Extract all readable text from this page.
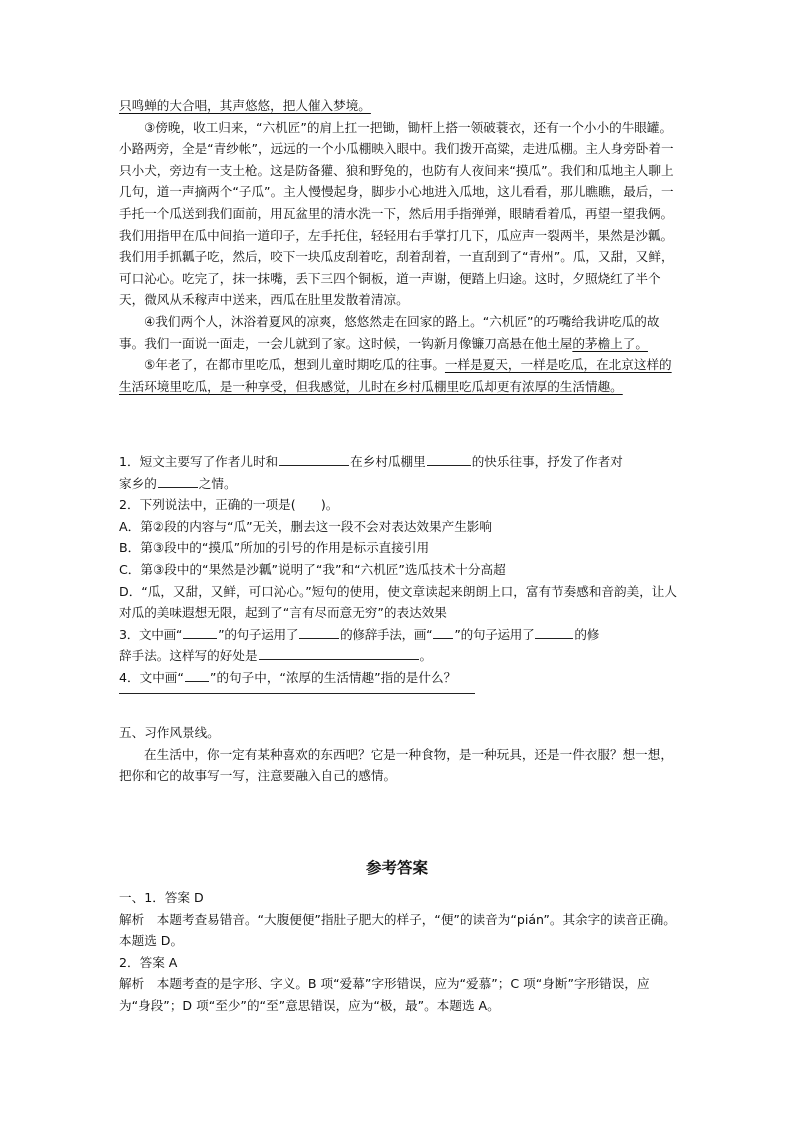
只鸣蝉的大合唱，其声悠悠，把人催入梦境。

③傍晚，收工归来，“六机匠”的肩上扛一把锄，锄杆上搭一领破蓑衣，还有一个小小的牛眼罐。小路两旁，全是“青纱帐”，远远的一个小瓜棚映入眼中。我们拨开高粱，走进瓜棚。主人身旁卧着一只小犬，旁边有一支土枪。这是防备獾、狼和野兔的，也防有人夜间来“摸瓜”。我们和瓜地主人聊上几句，道一声摘两个“子瓜”。主人慢慢起身，脚步小心地进入瓜地，这儿看看，那儿瞧瞧，最后，一手托一个瓜送到我们面前，用瓦盆里的清水洗一下，然后用手指弹弹，眼睛看着瓜，再望一望我俩。我们用指甲在瓜中间掐一道印子，左手托住，轻轻用右手掌打几下，瓜应声一裂两半，果然是沙瓤。我们用手抓瓤子吃，然后，咬下一块瓜皮刮着吃，刮着刮着，一直刮到了“青州”。瓜，又甜，又鲜，可口沁心。吃完了，抹一抹嘴，丢下三四个铜板，道一声谢，便踏上归途。这时，夕照烧红了半个天，微风从禾稼声中送来，西瓜在肚里发散着清凉。

④我们两个人，沐浴着夏风的凉爽，悠悠然走在回家的路上。“六机匠”的巧嘴给我讲吃瓜的故事。我们一面说一面走，一会儿就到了家。这时候，一钩新月像镰刀高悬在他土屋的茅檐上了。

⑤年老了，在都市里吃瓜，想到儿童时期吃瓜的往事。一样是夏天，一样是吃瓜，在北京这样的生活环境里吃瓜，是一种享受，但我感觉，儿时在乡村瓜棚里吃瓜却更有浓厚的生活情趣。

1．短文主要写了作者儿时和	在乡村瓜棚里	的快乐往事，抒发了作者对

家乡的	之情。

2．下列说法中，正确的一项是(　　)。

A．第②段的内容与“瓜”无关，删去这一段不会对表达效果产生影响

B．第③段中的“摸瓜”所加的引号的作用是标示直接引用

C．第③段中的“果然是沙瓤”说明了“我”和“六机匠”选瓜技术十分高超

D．“瓜，又甜，又鲜，可口沁心。”短句的使用，使文章读起来朗朗上口，富有节奏感和音韵美，让人对瓜的美味遐想无限，起到了“言有尽而意无穷”的表达效果

3．文中画“	”的句子运用了	的修辞手法，画“ ”的句子运用了	的修

辞手法。这样写的好处是	。

4．文中画“ ”的句子中，“浓厚的生活情趣”指的是什么？

五、习作风景线。

在生活中，你一定有某种喜欢的东西吧？它是一种食物，是一种玩具，还是一件衣服？想一想，把你和它的故事写一写，注意要融入自己的感情。

参考答案

一、1．答案 D

解析　本题考查易错音。“大腹便便”指肚子肥大的样子，“便”的读音为“pián”。其余字的读音正确。本题选 D。

2．答案 A

解析　本题考查的是字形、字义。B 项“爱幕”字形错误，应为“爱慕”；C 项“身断”字形错误，应为“身段”；D 项“至少”的“至”意思错误，应为“极，最”。本题选 A。
